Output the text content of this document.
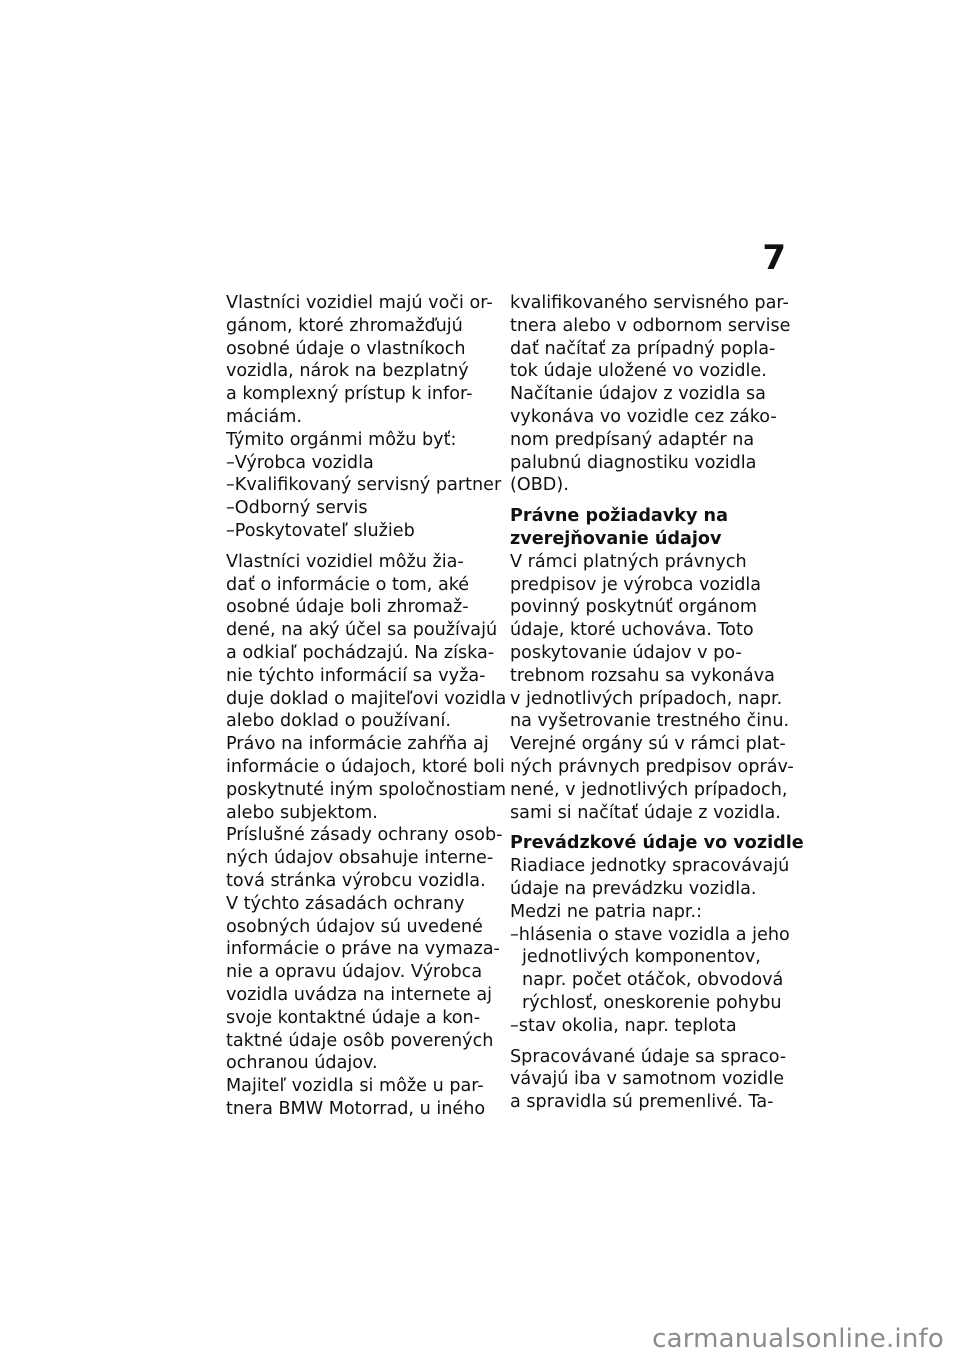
7
Vlastníci vozidiel majú voči or-
gánom, ktoré zhromažďujú
osobné údaje o vlastníkoch
vozidla, nárok na bezplatný
a komplexný prístup k infor-
máciám.
Týmito orgánmi môžu byť:
–Výrobca vozidla
–Kvalifikovaný servisný partner
–Odborný servis
–Poskytovateľ služieb
Vlastníci vozidiel môžu žia-
dať o informácie o tom, aké
osobné údaje boli zhromaž-
dené, na aký účel sa používajú
a odkiaľ pochádzajú. Na získa-
nie týchto informácií sa vyža-
duje doklad o majiteľovi vozidla
alebo doklad o používaní.
Právo na informácie zahŕňa aj
informácie o údajoch, ktoré boli
poskytnuté iným spoločnostiam
alebo subjektom.
Príslušné zásady ochrany osob-
ných údajov obsahuje interne-
tová stránka výrobcu vozidla.
V týchto zásadách ochrany
osobných údajov sú uvedené
informácie o práve na vymaza-
nie a opravu údajov. Výrobca
vozidla uvádza na internete aj
svoje kontaktné údaje a kon-
taktné údaje osôb poverených
ochranou údajov.
Majiteľ vozidla si môže u par-
tnera BMW Motorrad, u iného
kvalifikovaného servisného par-
tnera alebo v odbornom servise
dať načítať za prípadný popla-
tok údaje uložené vo vozidle.
Načítanie údajov z vozidla sa
vykonáva vo vozidle cez záko-
nom predpísaný adaptér na
palubnú diagnostiku vozidla
(OBD).
Právne požiadavky na
zverejňovanie údajov
V rámci platných právnych
predpisov je výrobca vozidla
povinný poskytnúť orgánom
údaje, ktoré uchováva. Toto
poskytovanie údajov v po-
trebnom rozsahu sa vykonáva
v jednotlivých prípadoch, napr.
na vyšetrovanie trestného činu.
Verejné orgány sú v rámci plat-
ných právnych predpisov opráv-
nené, v jednotlivých prípadoch,
sami si načítať údaje z vozidla.
Prevádzkové údaje vo vozidle
Riadiace jednotky spracovávajú
údaje na prevádzku vozidla.
Medzi ne patria napr.:
–hlásenia o stave vozidla a jeho
jednotlivých komponentov,
napr. počet otáčok, obvodová
rýchlosť, oneskorenie pohybu
–stav okolia, napr. teplota
Spracovávané údaje sa spraco-
vávajú iba v samotnom vozidle
a spravidla sú premenlivé. Ta-
carmanualsonline.info
